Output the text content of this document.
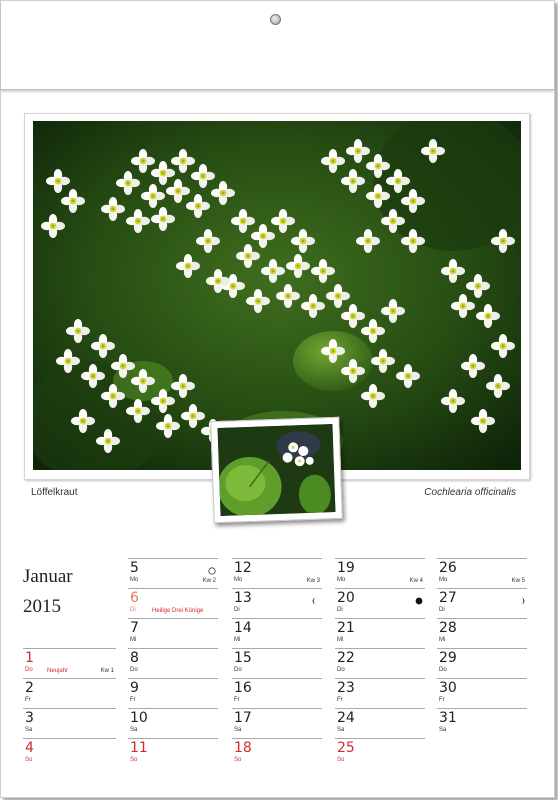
Löffelkraut	Cochlearia officinalis
Januar
2015
1
Do Neujahr	Kw 1
2
Fr
3
Sa
4
So
5
Mo	Kw 2
6
Di	Heilige Drei Könige
7
Mi
8
Do
9
Fr
10
Sa
11
So
12
Mo	Kw 3
13
Di
14
Mi
15
Do
16
Fr
17
Sa
18
So
19
Mo	Kw 4
20
Di
21
Mi
22
Do
23
Fr
24
Sa
25
So
26
Mo	Kw 5
27
Di
28
Mi
29
Do
30
Fr
31
Sa
